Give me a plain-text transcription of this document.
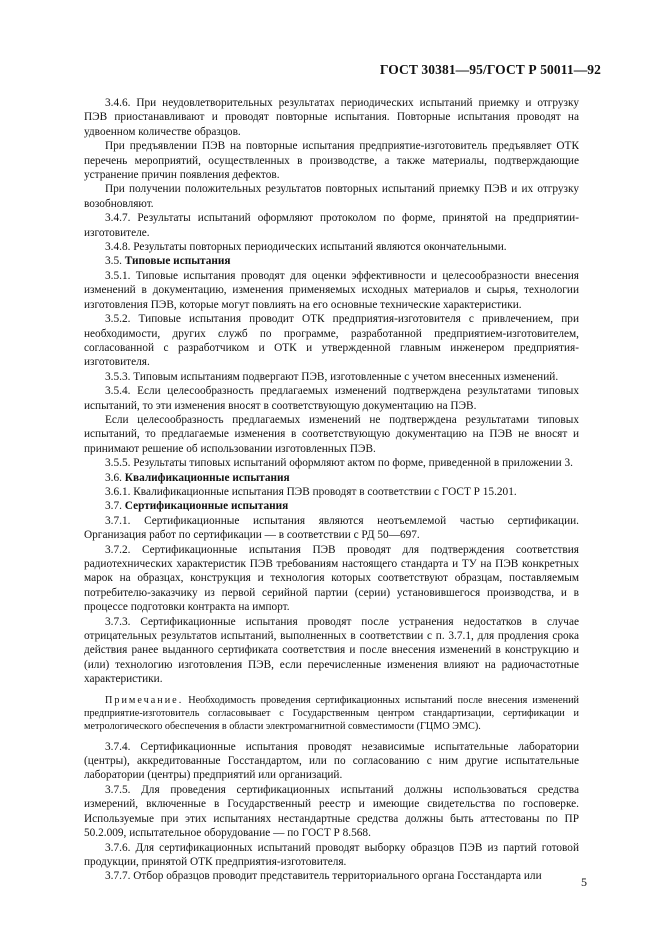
ГОСТ 30381—95/ГОСТ Р 50011—92

3.4.6. При неудовлетворительных результатах периодических испытаний приемку и отгрузку ПЭВ приостанавливают и проводят повторные испытания. Повторные испытания проводят на удвоенном количестве образцов.

При предъявлении ПЭВ на повторные испытания предприятие-изготовитель предъявляет ОТК перечень мероприятий, осуществленных в производстве, а также материалы, подтверждающие устранение причин появления дефектов.

При получении положительных результатов повторных испытаний приемку ПЭВ и их отгрузку возобновляют.

3.4.7. Результаты испытаний оформляют протоколом по форме, принятой на предприятии-изготовителе.

3.4.8. Результаты повторных периодических испытаний являются окончательными.

3.5. Типовые испытания

3.5.1. Типовые испытания проводят для оценки эффективности и целесообразности внесения изменений в документацию, изменения применяемых исходных материалов и сырья, технологии изготовления ПЭВ, которые могут повлиять на его основные технические характеристики.

3.5.2. Типовые испытания проводит ОТК предприятия-изготовителя с привлечением, при необходимости, других служб по программе, разработанной предприятием-изготовителем, согласованной с разработчиком и ОТК и утвержденной главным инженером предприятия-изготовителя.

3.5.3. Типовым испытаниям подвергают ПЭВ, изготовленные с учетом внесенных изменений.

3.5.4. Если целесообразность предлагаемых изменений подтверждена результатами типовых испытаний, то эти изменения вносят в соответствующую документацию на ПЭВ.

Если целесообразность предлагаемых изменений не подтверждена результатами типовых испытаний, то предлагаемые изменения в соответствующую документацию на ПЭВ не вносят и принимают решение об использовании изготовленных ПЭВ.

3.5.5. Результаты типовых испытаний оформляют актом по форме, приведенной в приложении 3.

3.6. Квалификационные испытания

3.6.1. Квалификационные испытания ПЭВ проводят в соответствии с ГОСТ Р 15.201.

3.7. Сертификационные испытания

3.7.1. Сертификационные испытания являются неотъемлемой частью сертификации. Организация работ по сертификации — в соответствии с РД 50—697.

3.7.2. Сертификационные испытания ПЭВ проводят для подтверждения соответствия радиотехнических характеристик ПЭВ требованиям настоящего стандарта и ТУ на ПЭВ конкретных марок на образцах, конструкция и технология которых соответствуют образцам, поставляемым потребителю-заказчику из первой серийной партии (серии) установившегося производства, и в процессе подготовки контракта на импорт.

3.7.3. Сертификационные испытания проводят после устранения недостатков в случае отрицательных результатов испытаний, выполненных в соответствии с п. 3.7.1, для продления срока действия ранее выданного сертификата соответствия и после внесения изменений в конструкцию и (или) технологию изготовления ПЭВ, если перечисленные изменения влияют на радиочастотные характеристики.

Примечание. Необходимость проведения сертификационных испытаний после внесения изменений предприятие-изготовитель согласовывает с Государственным центром стандартизации, сертификации и метрологического обеспечения в области электромагнитной совместимости (ГЦМО ЭМС).

3.7.4. Сертификационные испытания проводят независимые испытательные лаборатории (центры), аккредитованные Госстандартом, или по согласованию с ним другие испытательные лаборатории (центры) предприятий или организаций.

3.7.5. Для проведения сертификационных испытаний должны использоваться средства измерений, включенные в Государственный реестр и имеющие свидетельства по госповерке. Используемые при этих испытаниях нестандартные средства должны быть аттестованы по ПР 50.2.009, испытательное оборудование — по ГОСТ Р 8.568.

3.7.6. Для сертификационных испытаний проводят выборку образцов ПЭВ из партий готовой продукции, принятой ОТК предприятия-изготовителя.

3.7.7. Отбор образцов проводит представитель территориального органа Госстандарта или	5
